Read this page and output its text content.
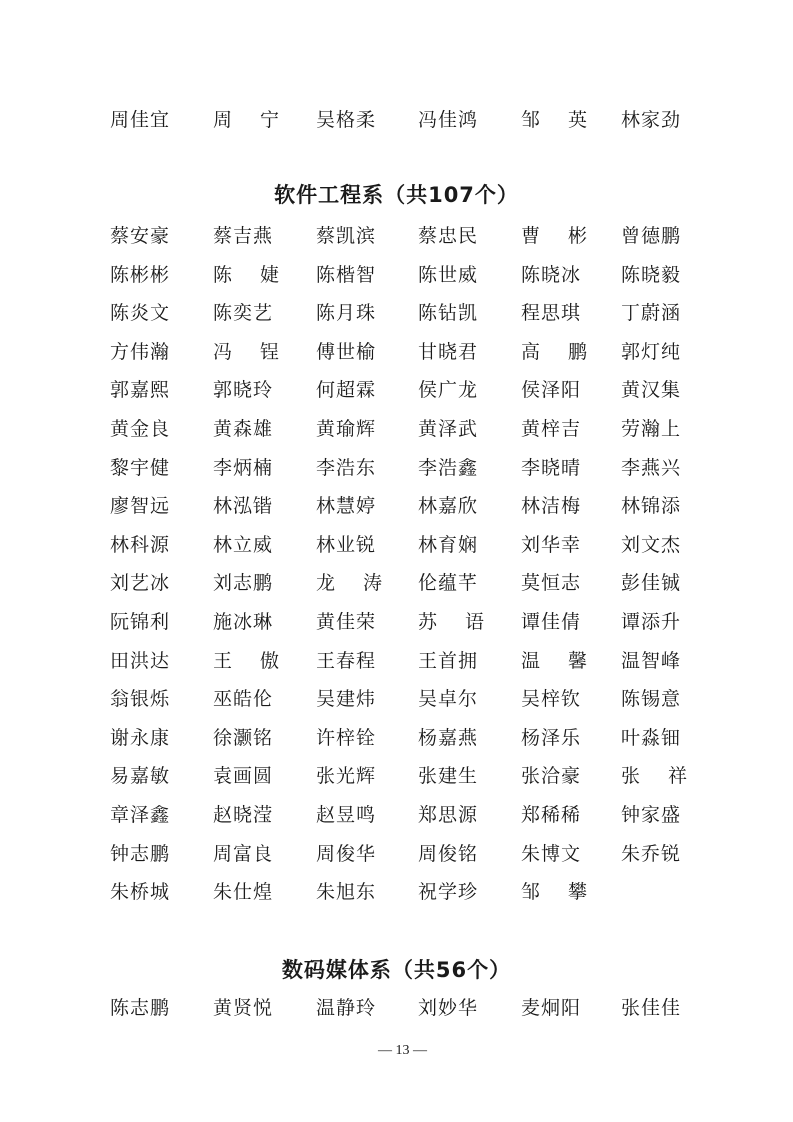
周佳宜	周 宁 吴格柔	冯佳鸿	邹 英 林家劲
软件工程系（共107个）
蔡安豪	蔡吉燕	蔡凯滨	蔡忠民	曹 彬 曾德鹏
陈彬彬	陈 婕 陈楷智	陈世威	陈晓冰	陈晓毅
陈炎文	陈奕艺	陈月珠	陈钻凯	程思琪	丁蔚涵
方伟瀚	冯 锃 傅世榆	甘晓君	高 鹏 郭灯纯
郭嘉熙	郭晓玲	何超霖	侯广龙	侯泽阳	黄汉集
黄金良	黄森雄	黄瑜辉	黄泽武	黄梓吉	劳瀚上
黎宇健	李炳楠	李浩东	李浩鑫	李晓晴	李燕兴
廖智远	林泓锴	林慧婷	林嘉欣	林洁梅	林锦添
林科源	林立威	林业锐	林育娴	刘华幸	刘文杰
刘艺冰	刘志鹏	龙 涛 伦蕴芊	莫恒志	彭佳铖
阮锦利	施冰琳	黄佳荣	苏 语 谭佳倩	谭添升
田洪达	王 傲 王春程	王首拥	温 馨 温智峰
翁银烁	巫皓伦	吴建炜	吴卓尔	吴梓钦	陈锡意
谢永康	徐灏铭	许梓铨	杨嘉燕	杨泽乐	叶淼钿
易嘉敏	袁画圆	张光辉	张建生	张洽豪	张 祥
章泽鑫	赵晓滢	赵昱鸣	郑思源	郑稀稀	钟家盛
钟志鹏	周富良	周俊华	周俊铭	朱博文	朱乔锐
朱桥城	朱仕煌	朱旭东	祝学珍	邹 攀
数码媒体系（共56个）
陈志鹏	黄贤悦	温静玲	刘妙华	麦炯阳	张佳佳
— 13 —
